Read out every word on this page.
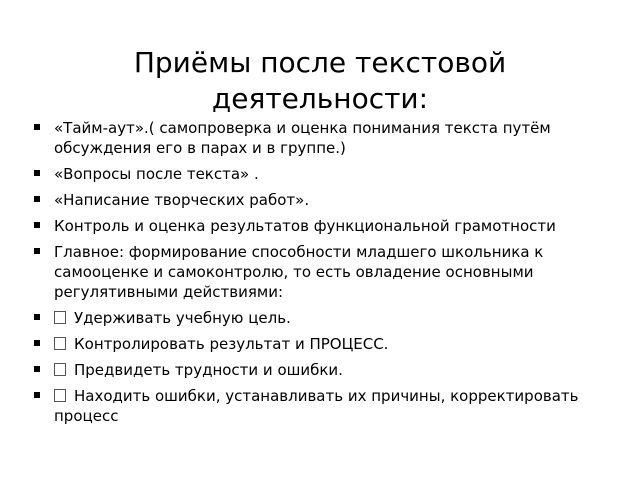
Приёмы после текстовой деятельности:
«Тайм-аут».( самопроверка и оценка понимания текста путём обсуждения его в парах и в группе.)
«Вопросы после текста» .
«Написание творческих работ».
Контроль и оценка результатов функциональной грамотности
Главное: формирование способности младшего школьника к самооценке и самоконтролю, то есть овладение основными регулятивными действиями:
Удерживать учебную цель.
Контролировать результат и ПРОЦЕСС.
Предвидеть трудности и ошибки.
Находить ошибки, устанавливать их причины, корректировать процесс
